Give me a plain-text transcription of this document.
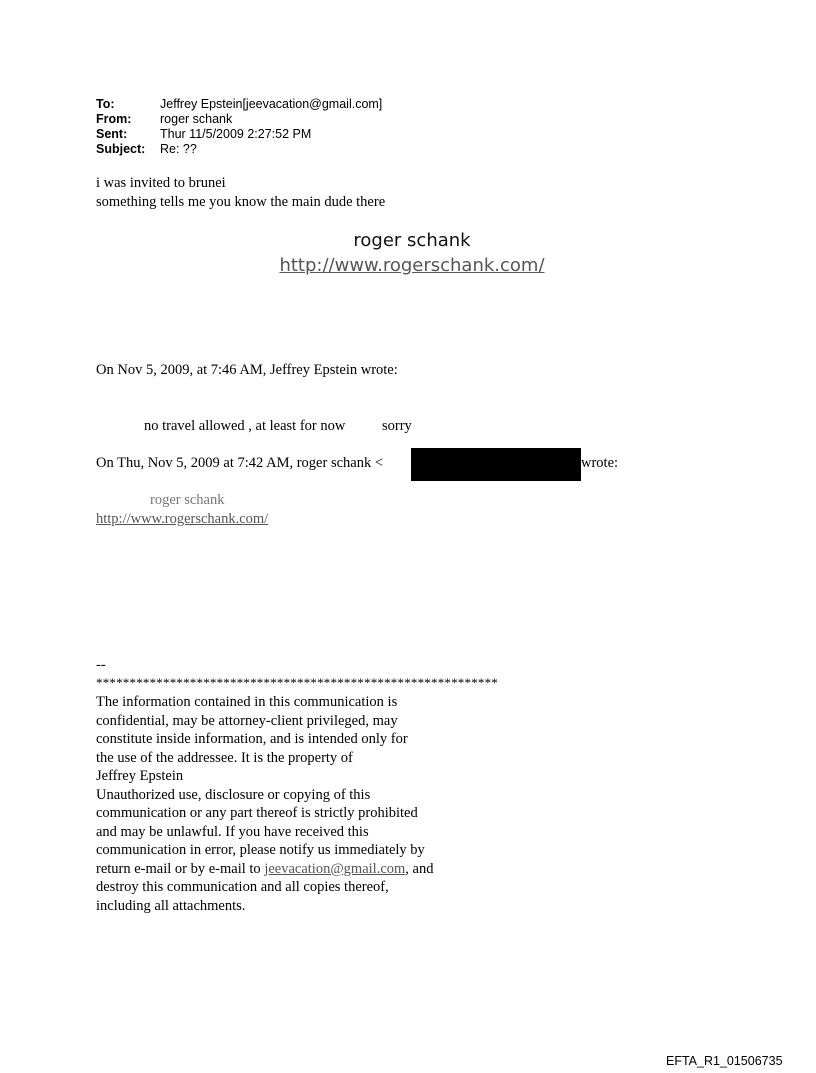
To:	Jeffrey Epstein[jeevacation@gmail.com]
From: roger schank
Sent:	Thur 11/5/2009 2:27:52 PM
Subject: Re: ??
i was invited to brunei
something tells me you know the main dude there
roger schank
http://www.rogerschank.com/
On Nov 5, 2009, at 7:46 AM, Jeffrey Epstein wrote:
no travel allowed , at least for now	sorry
On Thu, Nov 5, 2009 at 7:42 AM, roger schank <	wrote:
roger schank
http://www.rogerschank.com/
--
************************************************************
The information contained in this communication is
confidential, may be attorney-client privileged, may
constitute inside information, and is intended only for
the use of the addressee. It is the property of
Jeffrey Epstein
Unauthorized use, disclosure or copying of this
communication or any part thereof is strictly prohibited
and may be unlawful. If you have received this
communication in error, please notify us immediately by
return e-mail or by e-mail to jeevacation@gmail.com, and
destroy this communication and all copies thereof,
including all attachments.
EFTA_R1_01506735
